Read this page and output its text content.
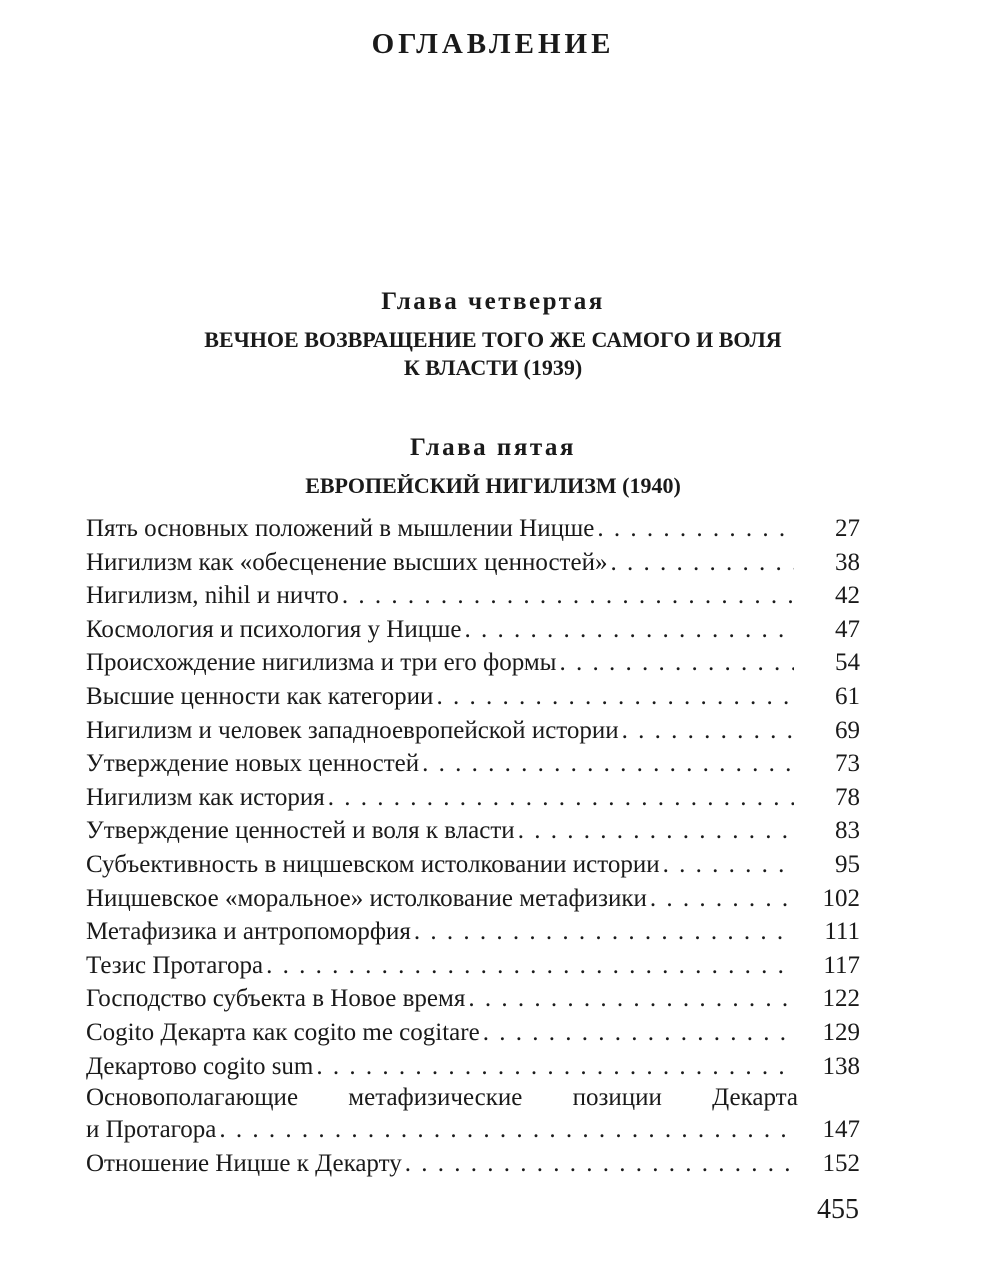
ОГЛАВЛЕНИЕ
Глава четвертая
ВЕЧНОЕ ВОЗВРАЩЕНИЕ ТОГО ЖЕ САМОГО И ВОЛЯ
К ВЛАСТИ (1939)
Глава пятая
ЕВРОПЕЙСКИЙ НИГИЛИЗМ (1940)
Пять основных положений в мышлении Ницше . . .	27
Нигилизм как «обесценение высших ценностей» . . .	38
Нигилизм, nihil и ничто . . .	42
Космология и психология у Ницше . . .	47
Происхождение нигилизма и три его формы . . .	54
Высшие ценности как категории . . .	61
Нигилизм и человек западноевропейской истории . . .	69
Утверждение новых ценностей . . .	73
Нигилизм как история . . .	78
Утверждение ценностей и воля к власти . . .	83
Субъективность в ницшевском истолковании истории . . .	95
Ницшевское «моральное» истолкование метафизики . . .	102
Метафизика и антропоморфия . . .	111
Тезис Протагора . . .	117
Господство субъекта в Новое время . . .	122
Cogito Декарта как cogito me cogitare . . .	129
Декартово cogito sum . . .	138
Основополагающие метафизические позиции Декарта
и Протагора . . .	147
Отношение Ницше к Декарту . . .	152
455
